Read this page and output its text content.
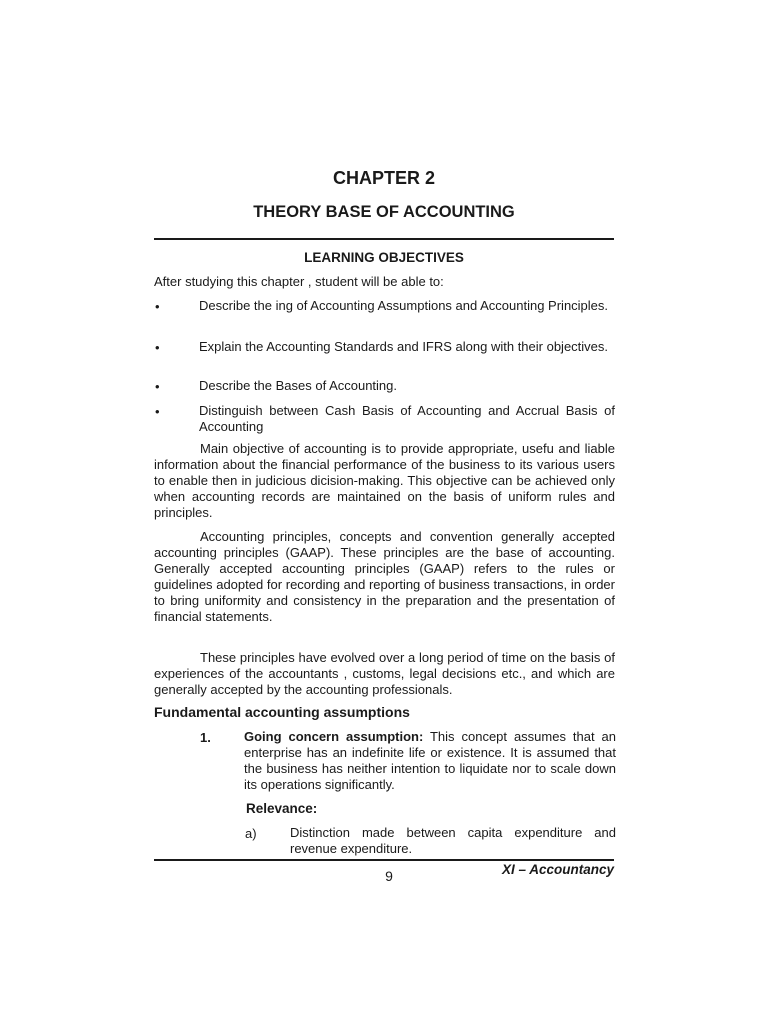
CHAPTER 2
THEORY BASE OF ACCOUNTING
LEARNING OBJECTIVES
After studying this chapter , student will be able to:
•	Describe the ing of Accounting Assumptions and Accounting Principles.
•	Explain the Accounting Standards and IFRS along with their objectives.
•	Describe the Bases of Accounting.
•	Distinguish between Cash Basis of Accounting and Accrual Basis of Accounting
Main objective of accounting is to provide appropriate, usefu and liable information about the financial performance of the business to its various users to enable then in judicious dicision-making. This objective can be achieved only when accounting records are maintained on the basis of uniform rules and principles.
Accounting principles, concepts and convention generally accepted accounting principles (GAAP). These principles are the base of accounting. Generally accepted accounting principles (GAAP) refers to the rules or guidelines adopted for recording and reporting of business transactions, in order to bring uniformity and consistency in the preparation and the presentation of financial statements.
These principles have evolved over a long period of time on the basis of experiences of the accountants , customs, legal decisions etc., and which are generally accepted by the accounting professionals.
Fundamental accounting assumptions
1.	Going concern assumption: This concept assumes that an enterprise has an indefinite life or existence. It is assumed that the business has neither intention to liquidate nor to scale down its operations significantly.
Relevance:
a)	Distinction made between capita expenditure and revenue expenditure.
9	XI – Accountancy
